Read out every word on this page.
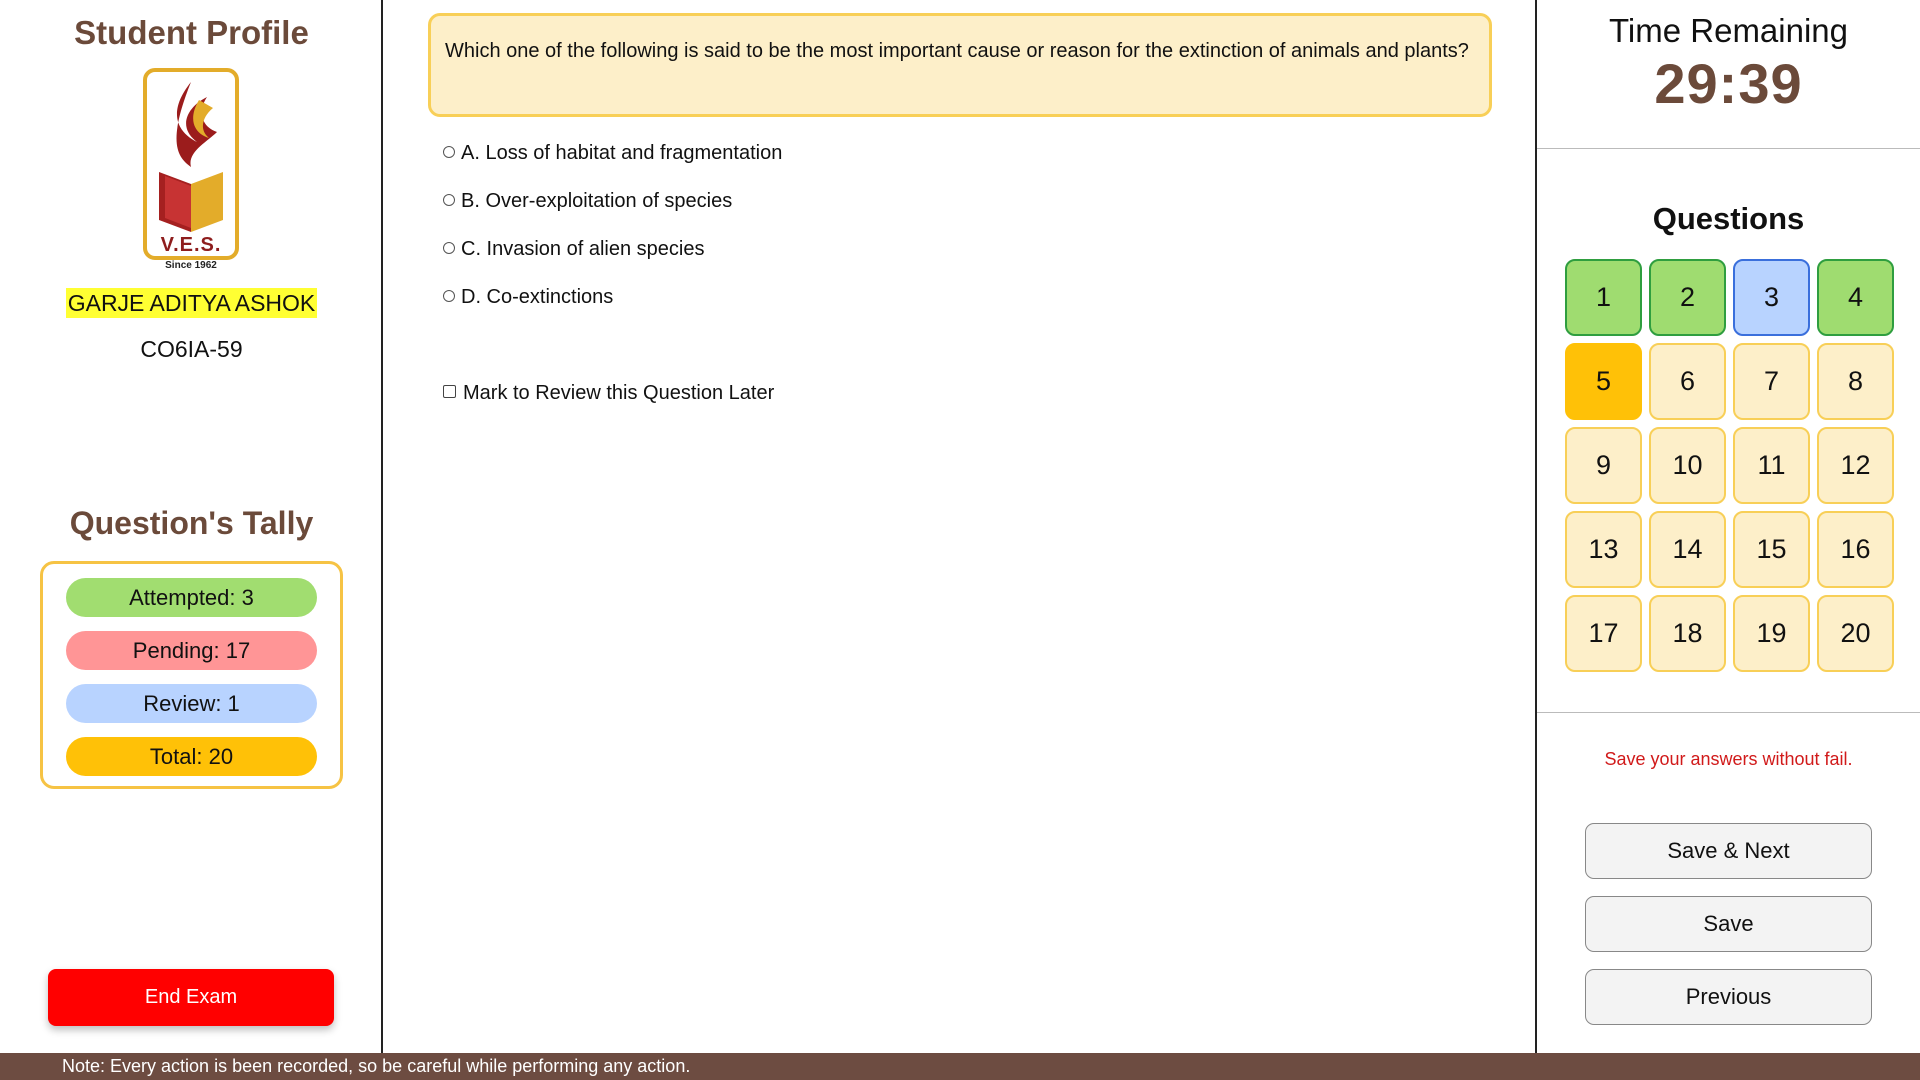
Student Profile
V.E.S.
Since 1962
GARJE ADITYA ASHOK
CO6IA-59
Question's Tally
Attempted: 3
Pending: 17
Review: 1
Total: 20
End Exam
Which one of the following is said to be the most important cause or reason for the extinction of animals and plants?
A. Loss of habitat and fragmentation
B. Over-exploitation of species
C. Invasion of alien species
D. Co-extinctions
Mark to Review this Question Later
Time Remaining
29:39
Questions
1	2	3	4
5	6	7	8
9	10	11	12
13	14	15	16
17	18	19	20
Save your answers without fail.
Save & Next
Save
Previous
Note: Every action is been recorded, so be careful while performing any action.
